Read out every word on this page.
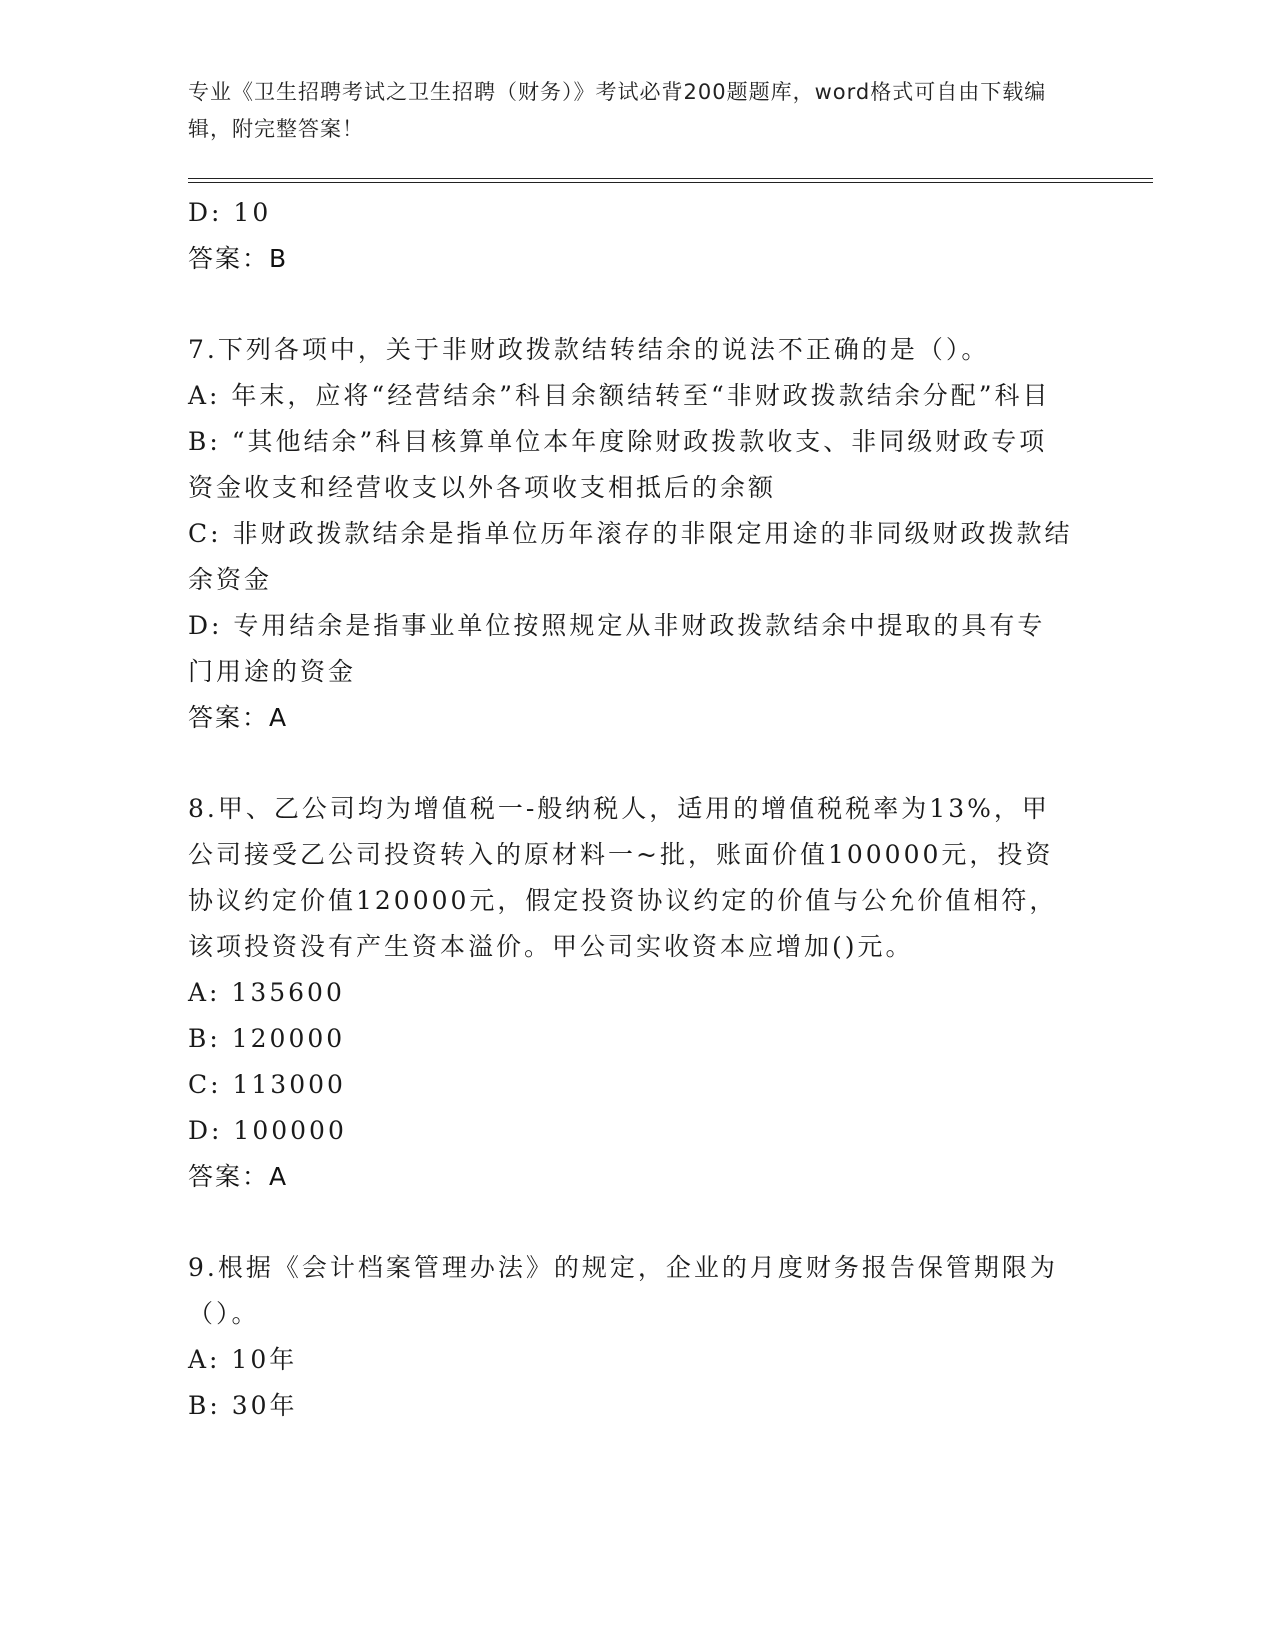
专业《卫生招聘考试之卫生招聘（财务）》考试必背200题题库，word格式可自由下载编辑，附完整答案！
D: 10
答案：B
7.下列各项中，关于非财政拨款结转结余的说法不正确的是（）。
A: 年末，应将“经营结余”科目余额结转至“非财政拨款结余分配”科目
B: “其他结余”科目核算单位本年度除财政拨款收支、非同级财政专项资金收支和经营收支以外各项收支相抵后的余额
C: 非财政拨款结余是指单位历年滚存的非限定用途的非同级财政拨款结余资金
D: 专用结余是指事业单位按照规定从非财政拨款结余中提取的具有专门用途的资金
答案：A
8.甲、乙公司均为增值税一-般纳税人，适用的增值税税率为13%，甲公司接受乙公司投资转入的原材料一~批，账面价值100000元，投资协议约定价值120000元，假定投资协议约定的价值与公允价值相符，该项投资没有产生资本溢价。甲公司实收资本应增加()元。
A: 135600
B: 120000
C: 113000
D: 100000
答案：A
9.根据《会计档案管理办法》的规定，企业的月度财务报告保管期限为（）。
A: 10年
B: 30年
